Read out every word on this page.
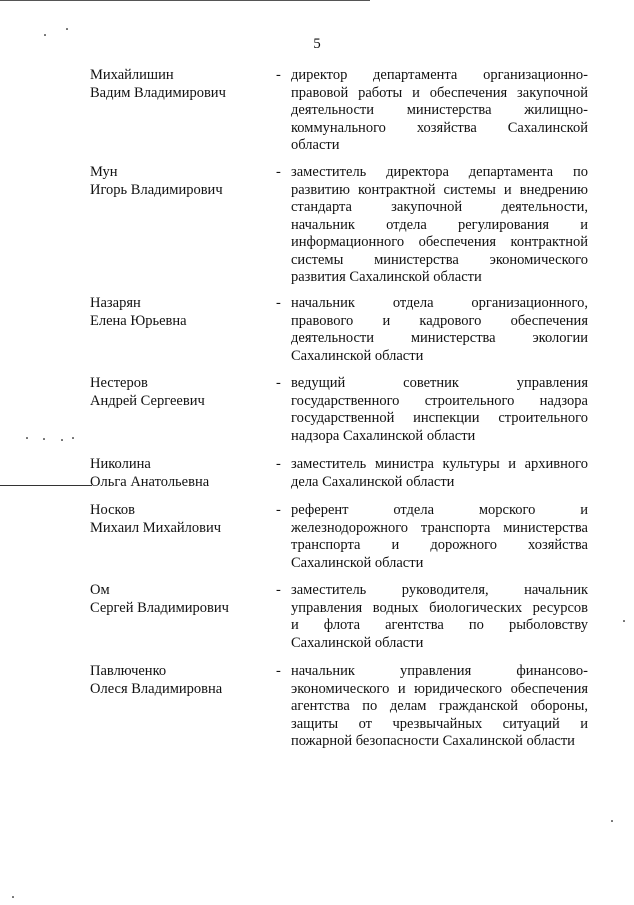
5
Михайлишин
Вадим Владимирович
- директор департамента организационно-
правовой работы и обеспечения закупочной
деятельности министерства жилищно-
коммунального хозяйства Сахалинской
области
Мун
Игорь Владимирович
- заместитель директора департамента по
развитию контрактной системы и внедрению
стандарта закупочной деятельности,
начальник отдела регулирования и
информационного обеспечения контрактной
системы министерства экономического
развития Сахалинской области
Назарян
Елена Юрьевна
- начальник отдела организационного,
правового и кадрового обеспечения
деятельности министерства экологии
Сахалинской области
Нестеров
Андрей Сергеевич
- ведущий советник управления
государственного строительного надзора
государственной инспекции строительного
надзора Сахалинской области
Николина
Ольга Анатольевна
- заместитель министра культуры и архивного
дела Сахалинской области
Носков
Михаил Михайлович
- референт отдела морского и
железнодорожного транспорта министерства
транспорта и дорожного хозяйства
Сахалинской области
Ом
Сергей Владимирович
- заместитель руководителя, начальник
управления водных биологических ресурсов
и флота агентства по рыболовству
Сахалинской области
Павлюченко
Олеся Владимировна
- начальник управления финансово-
экономического и юридического обеспечения
агентства по делам гражданской обороны,
защиты от чрезвычайных ситуаций и
пожарной безопасности Сахалинской области
